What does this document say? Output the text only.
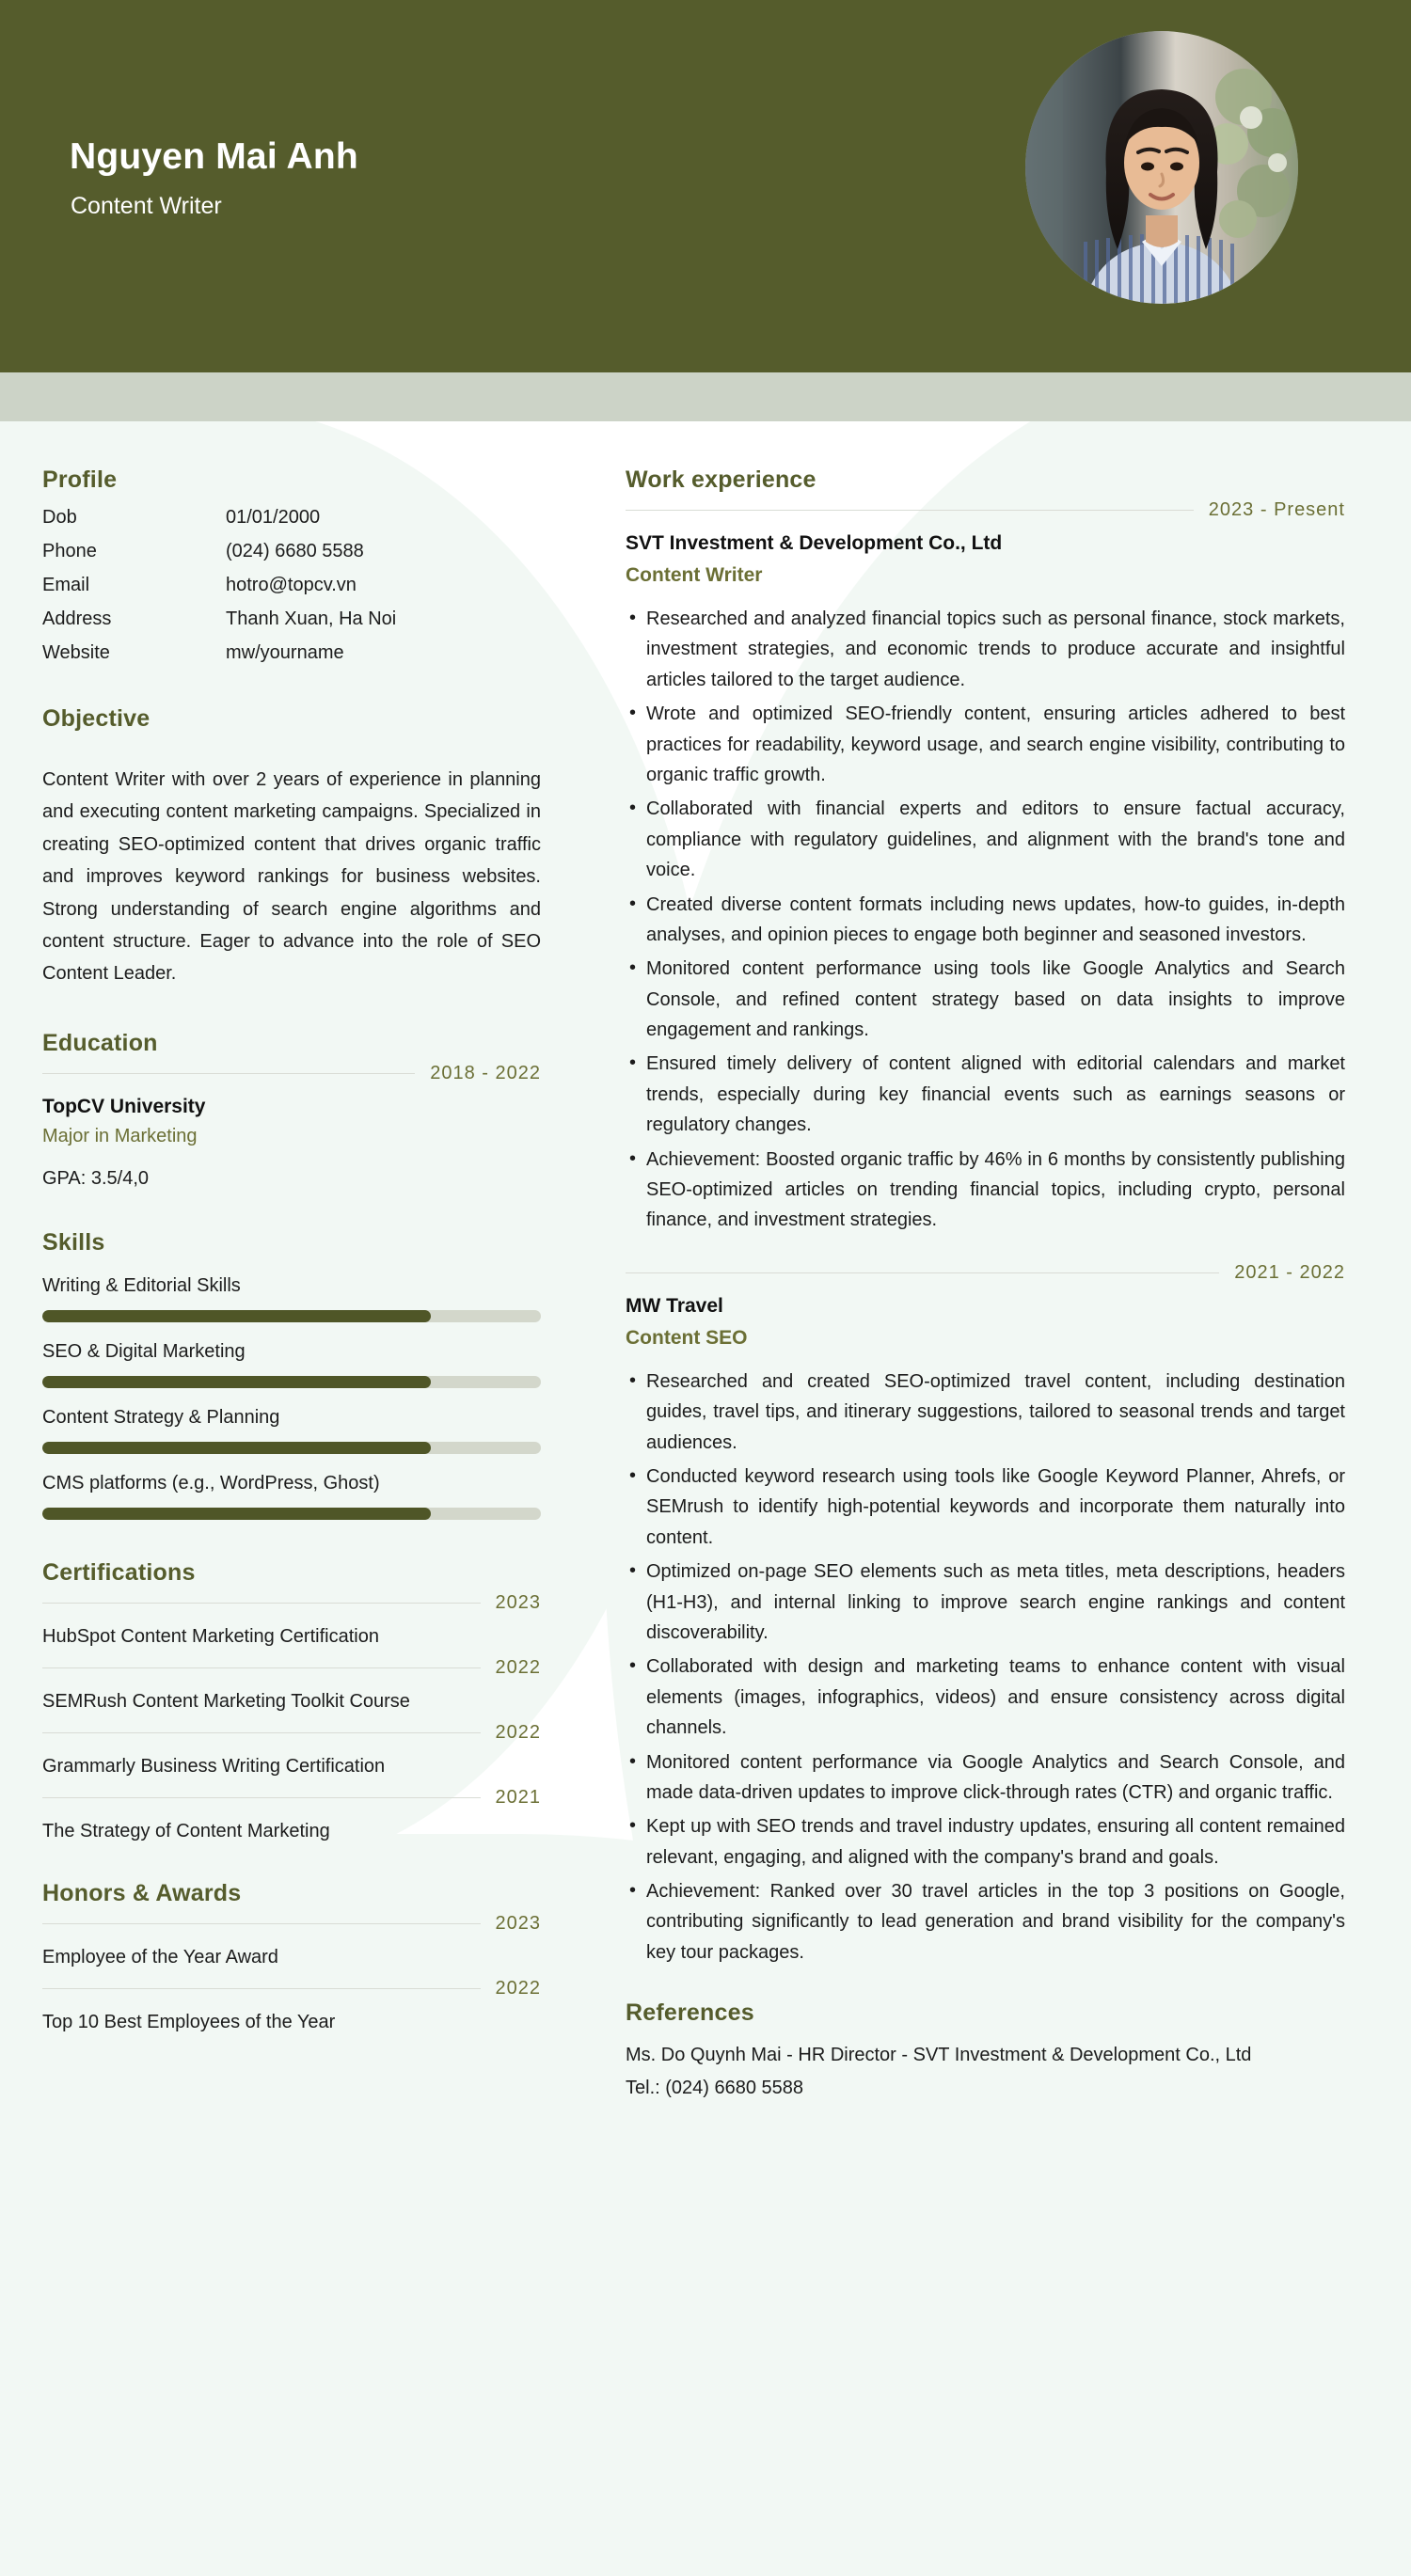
Nguyen Mai Anh
Content Writer
Profile
Dob	01/01/2000
Phone	(024) 6680 5588
Email	hotro@topcv.vn
Address	Thanh Xuan, Ha Noi
Website	mw/yourname
Objective
Content Writer with over 2 years of experience in planning and executing content marketing campaigns. Specialized in creating SEO-optimized content that drives organic traffic and improves keyword rankings for business websites. Strong understanding of search engine algorithms and content structure. Eager to advance into the role of SEO Content Leader.
Education
2018 - 2022
TopCV University
Major in Marketing
GPA: 3.5/4,0
Skills
Writing & Editorial Skills
SEO & Digital Marketing
Content Strategy & Planning
CMS platforms (e.g., WordPress, Ghost)
Certifications
2023
HubSpot Content Marketing Certification
2022
SEMRush Content Marketing Toolkit Course
2022
Grammarly Business Writing Certification
2021
The Strategy of Content Marketing
Honors & Awards
2023
Employee of the Year Award
2022
Top 10 Best Employees of the Year
Work experience
2023 - Present
SVT Investment & Development Co., Ltd
Content Writer
• Researched and analyzed financial topics such as personal finance, stock markets, investment strategies, and economic trends to produce accurate and insightful articles tailored to the target audience.
• Wrote and optimized SEO-friendly content, ensuring articles adhered to best practices for readability, keyword usage, and search engine visibility, contributing to organic traffic growth.
• Collaborated with financial experts and editors to ensure factual accuracy, compliance with regulatory guidelines, and alignment with the brand's tone and voice.
• Created diverse content formats including news updates, how-to guides, in-depth analyses, and opinion pieces to engage both beginner and seasoned investors.
• Monitored content performance using tools like Google Analytics and Search Console, and refined content strategy based on data insights to improve engagement and rankings.
• Ensured timely delivery of content aligned with editorial calendars and market trends, especially during key financial events such as earnings seasons or regulatory changes.
• Achievement: Boosted organic traffic by 46% in 6 months by consistently publishing SEO-optimized articles on trending financial topics, including crypto, personal finance, and investment strategies.
2021 - 2022
MW Travel
Content SEO
• Researched and created SEO-optimized travel content, including destination guides, travel tips, and itinerary suggestions, tailored to seasonal trends and target audiences.
• Conducted keyword research using tools like Google Keyword Planner, Ahrefs, or SEMrush to identify high-potential keywords and incorporate them naturally into content.
• Optimized on-page SEO elements such as meta titles, meta descriptions, headers (H1-H3), and internal linking to improve search engine rankings and content discoverability.
• Collaborated with design and marketing teams to enhance content with visual elements (images, infographics, videos) and ensure consistency across digital channels.
• Monitored content performance via Google Analytics and Search Console, and made data-driven updates to improve click-through rates (CTR) and organic traffic.
• Kept up with SEO trends and travel industry updates, ensuring all content remained relevant, engaging, and aligned with the company's brand and goals.
• Achievement: Ranked over 30 travel articles in the top 3 positions on Google, contributing significantly to lead generation and brand visibility for the company's key tour packages.
References
Ms. Do Quynh Mai - HR Director - SVT Investment & Development Co., Ltd
Tel.: (024) 6680 5588
